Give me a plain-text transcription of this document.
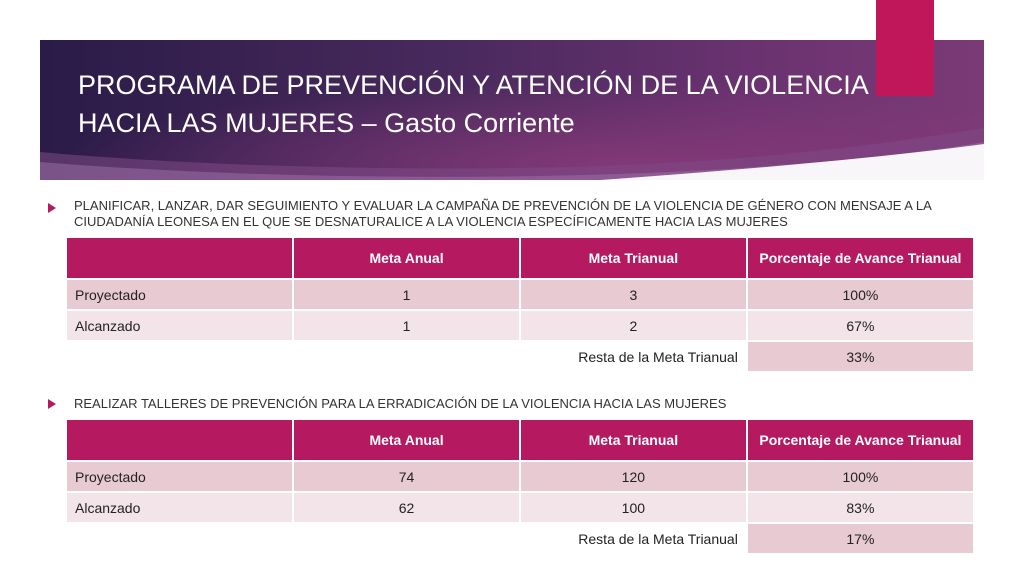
PROGRAMA DE PREVENCIÓN Y ATENCIÓN DE LA VIOLENCIA HACIA LAS MUJERES – Gasto Corriente
PLANIFICAR, LANZAR, DAR SEGUIMIENTO Y EVALUAR LA CAMPAÑA DE PREVENCIÓN DE LA VIOLENCIA DE GÉNERO CON MENSAJE A LA CIUDADANÍA LEONESA EN EL QUE SE DESNATURALICE A LA VIOLENCIA ESPECÍFICAMENTE HACIA LAS MUJERES
	Meta Anual	Meta Trianual	Porcentaje de Avance Trianual
Proyectado	1	3	100%
Alcanzado	1	2	67%
	Resta de la Meta Trianual		33%
REALIZAR TALLERES DE PREVENCIÓN PARA LA ERRADICACIÓN DE LA VIOLENCIA HACIA LAS MUJERES
	Meta Anual	Meta Trianual	Porcentaje de Avance Trianual
Proyectado	74	120	100%
Alcanzado	62	100	83%
	Resta de la Meta Trianual		17%
